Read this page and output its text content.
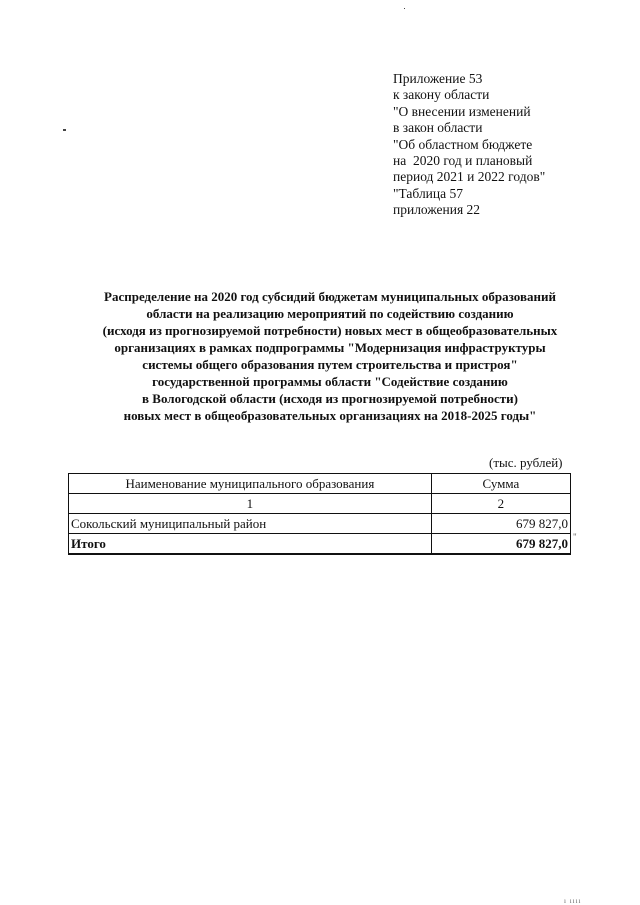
Приложение 53
к закону области
"О внесении изменений
в закон области
"Об областном бюджете
на  2020 год и плановый
период 2021 и 2022 годов"
"Таблица 57
приложения 22
Распределение на 2020 год субсидий бюджетам муниципальных образований
области на реализацию мероприятий по содействию созданию
(исходя из прогнозируемой потребности) новых мест в общеобразовательных
организациях в рамках подпрограммы "Модернизация инфраструктуры
системы общего образования путем строительства и пристроя"
государственной программы области "Содействие созданию
в Вологодской области (исходя из прогнозируемой потребности)
новых мест в общеобразовательных организациях на 2018-2025 годы"
(тыс. рублей)
Наименование муниципального образования	Сумма
1	2
Сокольский муниципальный район	679 827,0
Итого	679 827,0 "
ı ıııı
